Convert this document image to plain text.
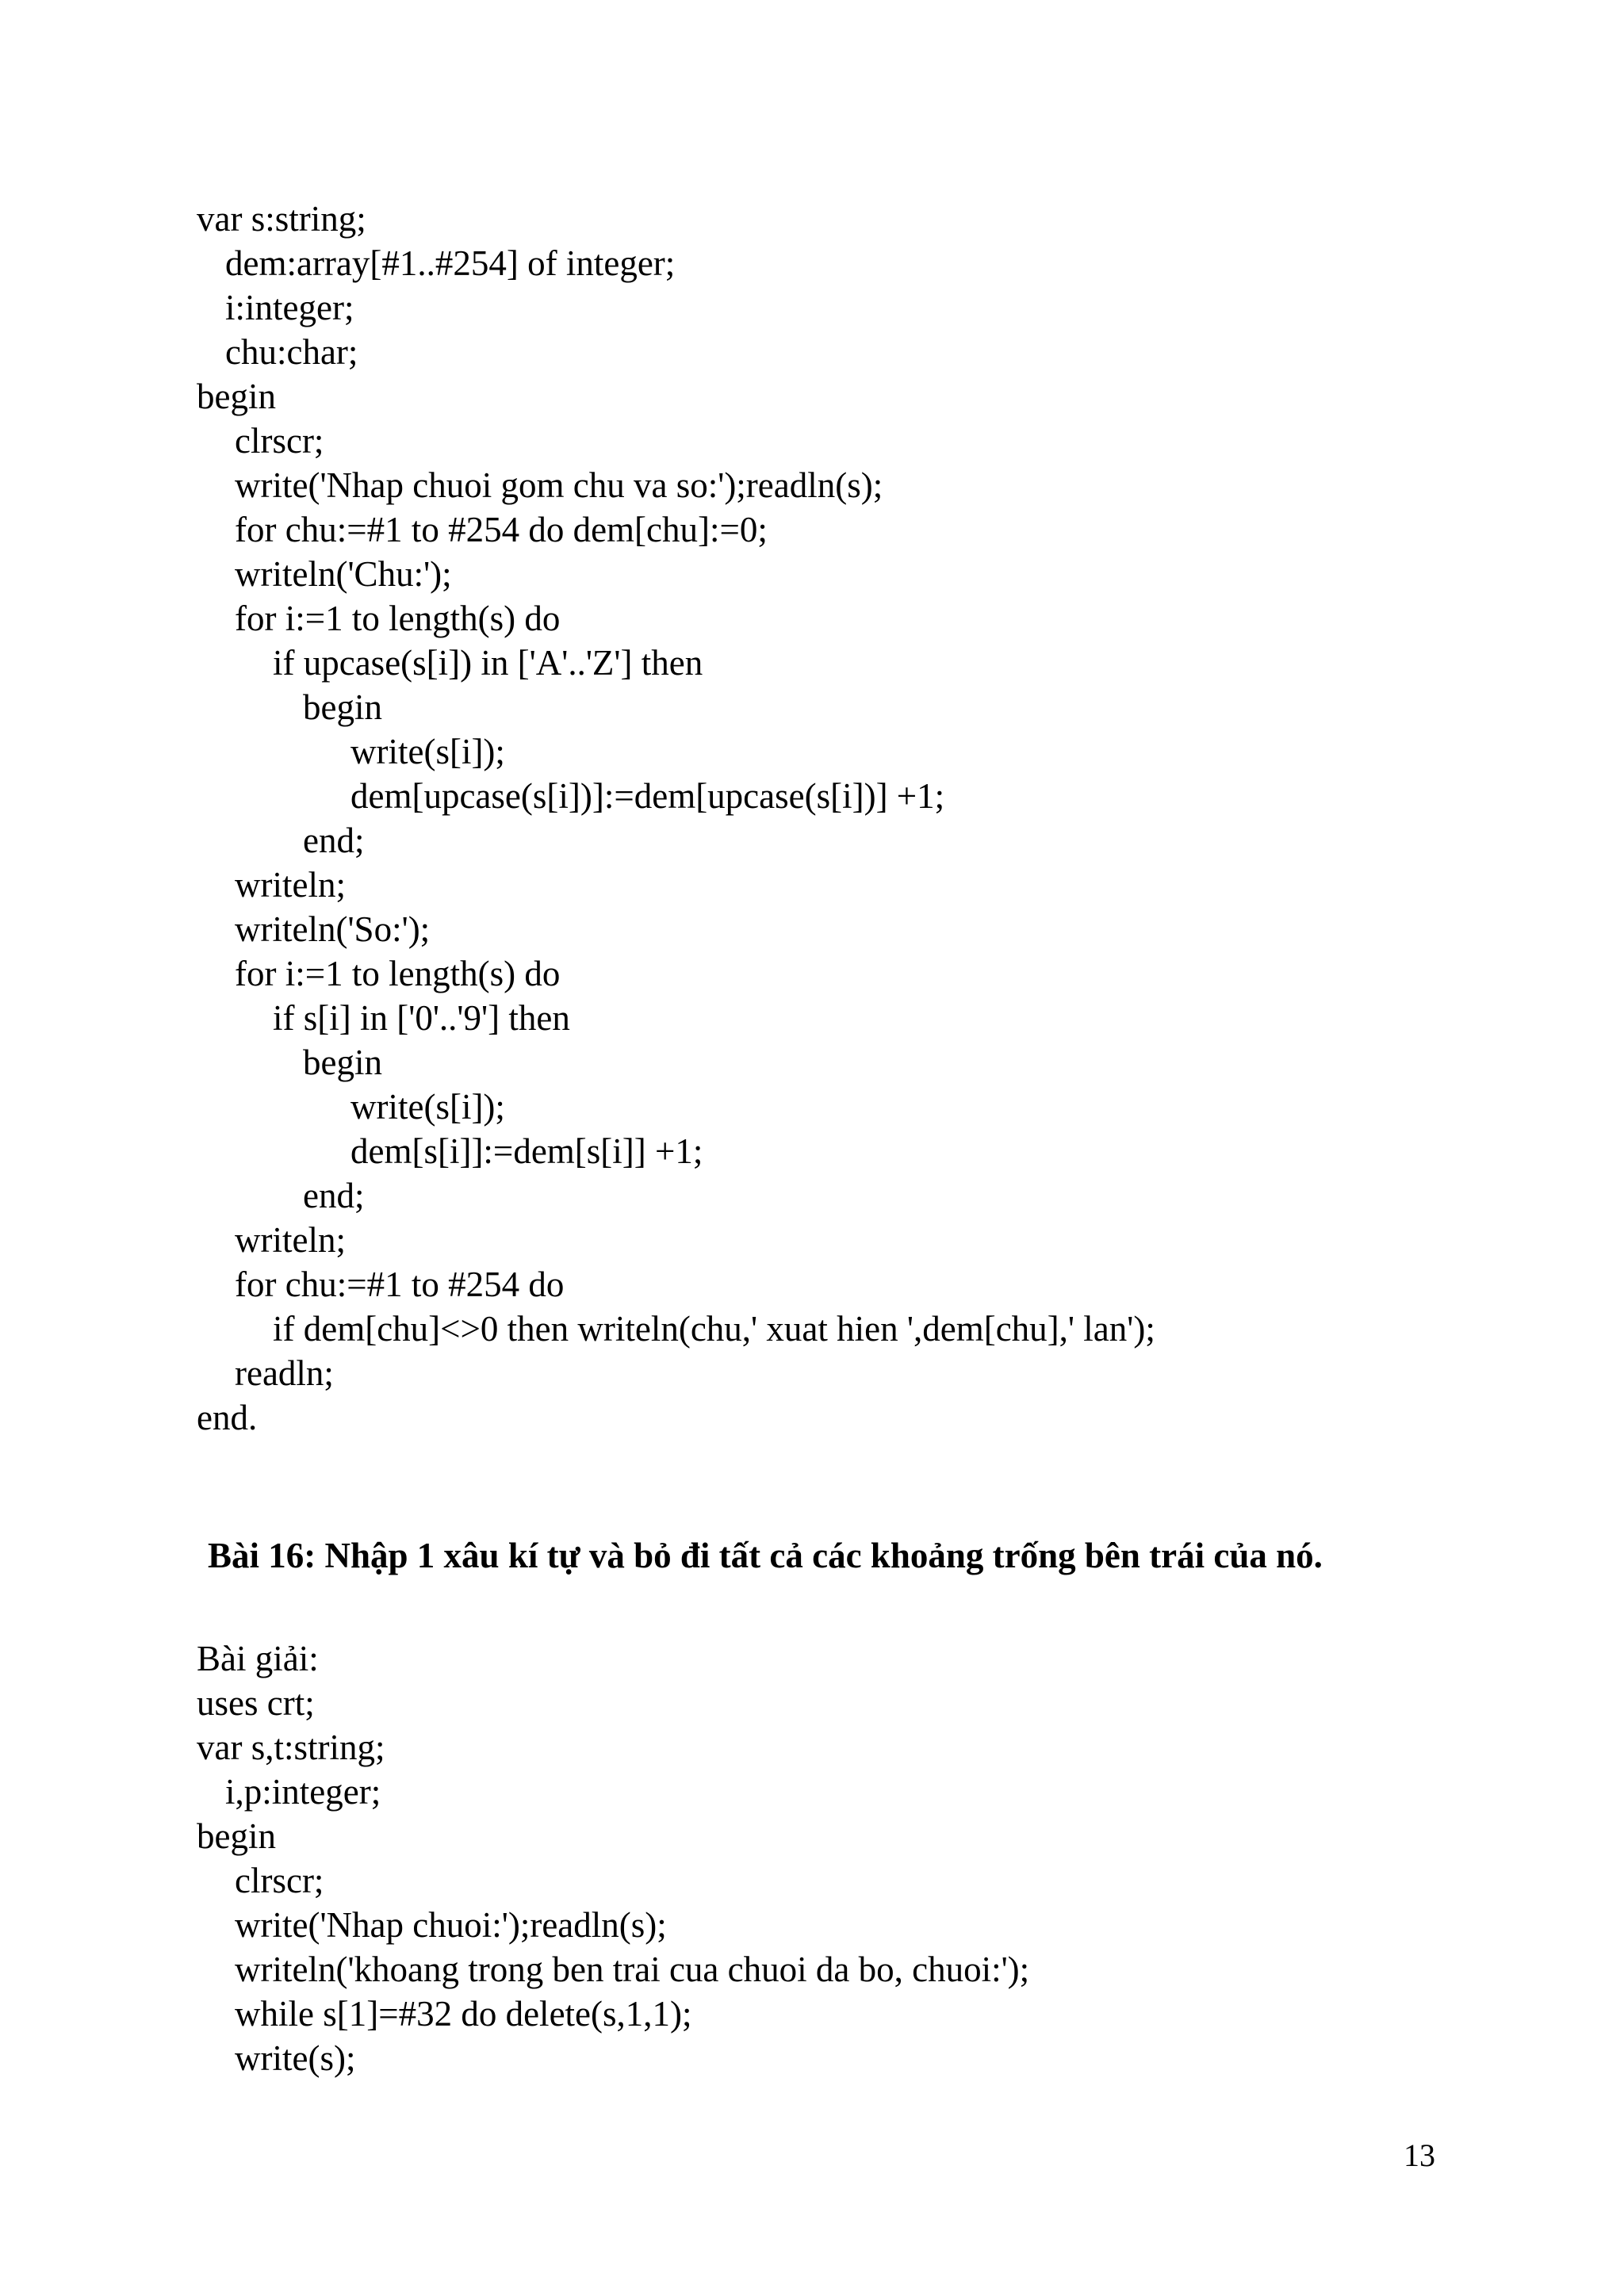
var s:string;
dem:array[#1..#254] of integer;
i:integer;
chu:char;
begin
clrscr;
write('Nhap chuoi gom chu va so:');readln(s);
for chu:=#1 to #254 do dem[chu]:=0;
writeln('Chu:');
for i:=1 to length(s) do
if upcase(s[i]) in ['A'..'Z'] then
begin
write(s[i]);
dem[upcase(s[i])]:=dem[upcase(s[i])] +1;
end;
writeln;
writeln('So:');
for i:=1 to length(s) do
if s[i] in ['0'..'9'] then
begin
write(s[i]);
dem[s[i]]:=dem[s[i]] +1;
end;
writeln;
for chu:=#1 to #254 do
if dem[chu]<>0 then writeln(chu,' xuat hien ',dem[chu],' lan');
readln;
end.
Bài 16: Nhập 1 xâu kí tự và bỏ đi tất cả các khoảng trống bên trái của nó.
Bài giải:
uses crt;
var s,t:string;
i,p:integer;
begin
clrscr;
write('Nhap chuoi:');readln(s);
writeln('khoang trong ben trai cua chuoi da bo, chuoi:');
while s[1]=#32 do delete(s,1,1);
write(s);
13
